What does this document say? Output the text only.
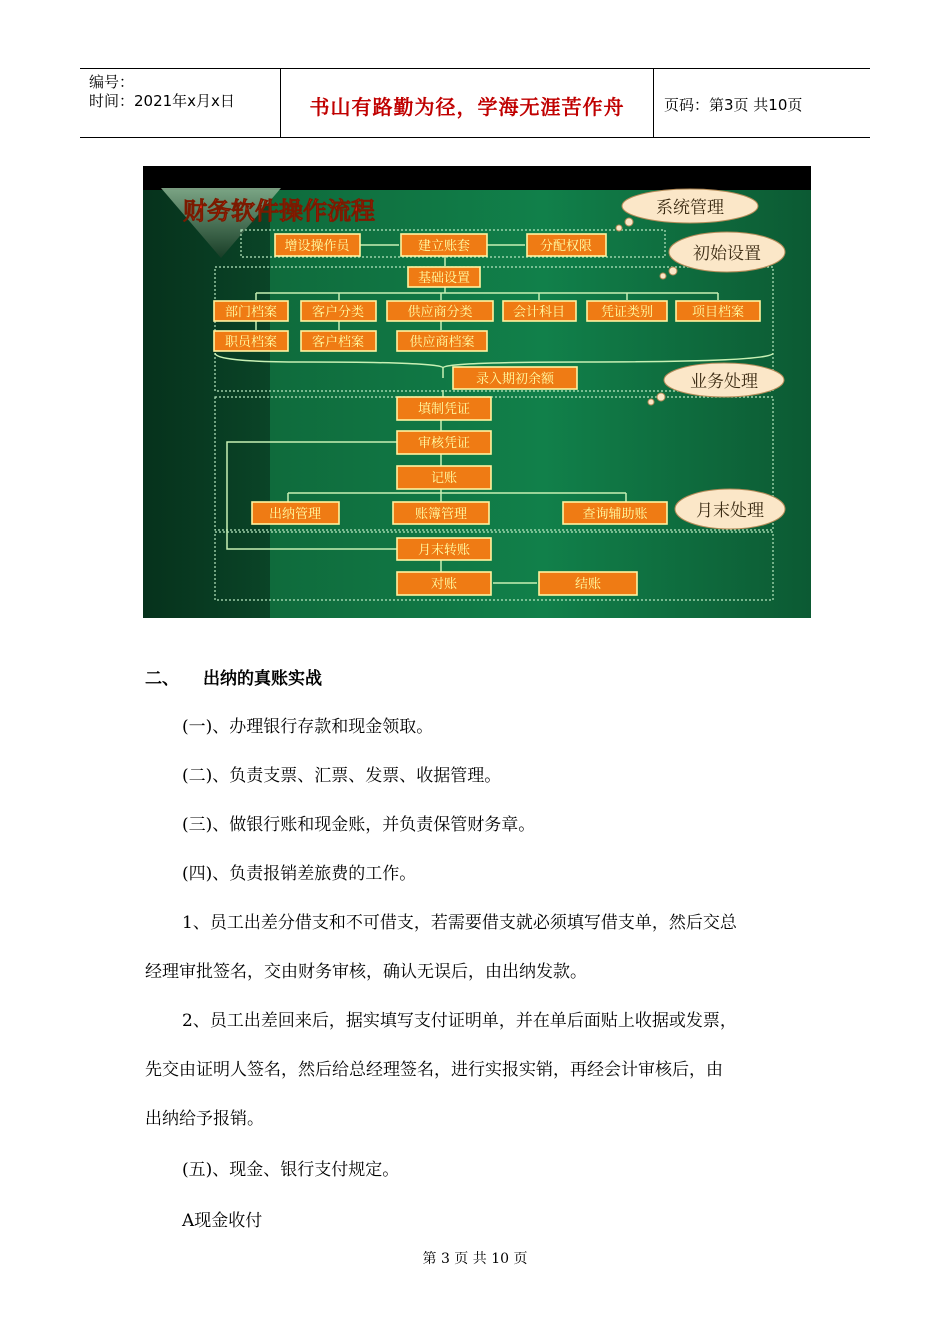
编号：
时间：2021年x月x日	书山有路勤为径，学海无涯苦作舟	页码：第3页 共10页
财务软件操作流程	系统管理
初始设置
业务处理
月末处理
增设操作员	建立账套	分配权限
基础设置
部门档案	客户分类	供应商分类	会计科目	凭证类别	项目档案
职员档案	客户档案	供应商档案
录入期初余额
填制凭证
审核凭证
记账
出纳管理	账簿管理	查询辅助账
月末转账
对账	结账
二、 出纳的真账实战
(一)、办理银行存款和现金领取。
(二)、负责支票、汇票、发票、收据管理。
(三)、做银行账和现金账，并负责保管财务章。
(四)、负责报销差旅费的工作。
1、员工出差分借支和不可借支，若需要借支就必须填写借支单，然后交总
经理审批签名，交由财务审核，确认无误后，由出纳发款。
2、员工出差回来后，据实填写支付证明单，并在单后面贴上收据或发票，
先交由证明人签名，然后给总经理签名，进行实报实销，再经会计审核后，由
出纳给予报销。
(五)、现金、银行支付规定。
A现金收付
第 3 页 共 10 页
